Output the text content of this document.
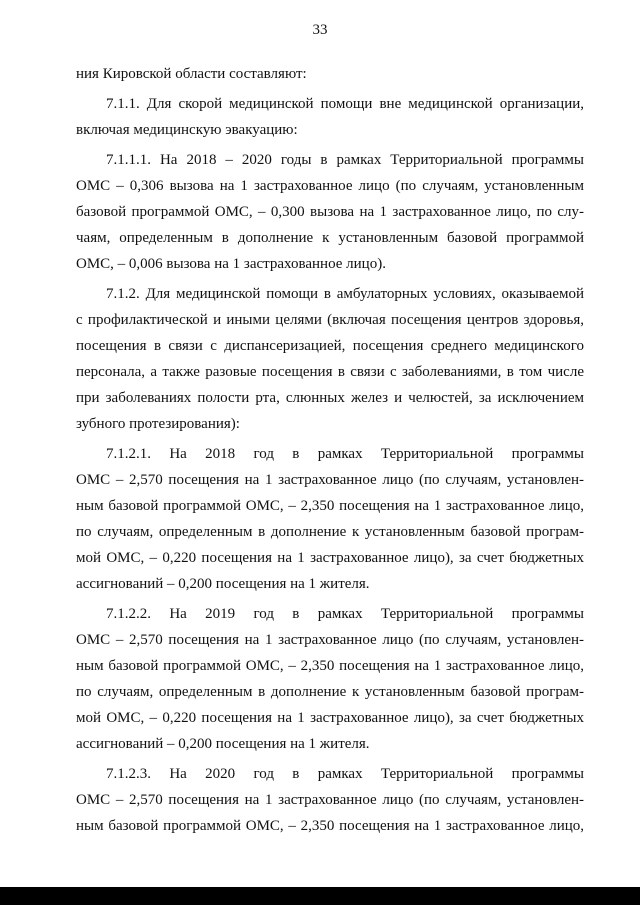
33
ния Кировской области составляют:
7.1.1. Для скорой медицинской помощи вне медицинской организации,
включая медицинскую эвакуацию:
7.1.1.1. На 2018 – 2020 годы в рамках Территориальной программы
ОМС – 0,306 вызова на 1 застрахованное лицо (по случаям, установленным
базовой программой ОМС, – 0,300 вызова на 1 застрахованное лицо, по слу-
чаям, определенным в дополнение к установленным базовой программой
ОМС, – 0,006 вызова на 1 застрахованное лицо).
7.1.2. Для медицинской помощи в амбулаторных условиях, оказываемой
с профилактической и иными целями (включая посещения центров здоровья,
посещения в связи с диспансеризацией, посещения среднего медицинского
персонала, а также разовые посещения в связи с заболеваниями, в том числе
при заболеваниях полости рта, слюнных желез и челюстей, за исключением
зубного протезирования):
7.1.2.1. На 2018 год в рамках Территориальной программы
ОМС – 2,570 посещения на 1 застрахованное лицо (по случаям, установлен-
ным базовой программой ОМС, – 2,350 посещения на 1 застрахованное лицо,
по случаям, определенным в дополнение к установленным базовой програм-
мой ОМС, – 0,220 посещения на 1 застрахованное лицо), за счет бюджетных
ассигнований – 0,200 посещения на 1 жителя.
7.1.2.2. На 2019 год в рамках Территориальной программы
ОМС – 2,570 посещения на 1 застрахованное лицо (по случаям, установлен-
ным базовой программой ОМС, – 2,350 посещения на 1 застрахованное лицо,
по случаям, определенным в дополнение к установленным базовой програм-
мой ОМС, – 0,220 посещения на 1 застрахованное лицо), за счет бюджетных
ассигнований – 0,200 посещения на 1 жителя.
7.1.2.3. На 2020 год в рамках Территориальной программы
ОМС – 2,570 посещения на 1 застрахованное лицо (по случаям, установлен-
ным базовой программой ОМС, – 2,350 посещения на 1 застрахованное лицо,
